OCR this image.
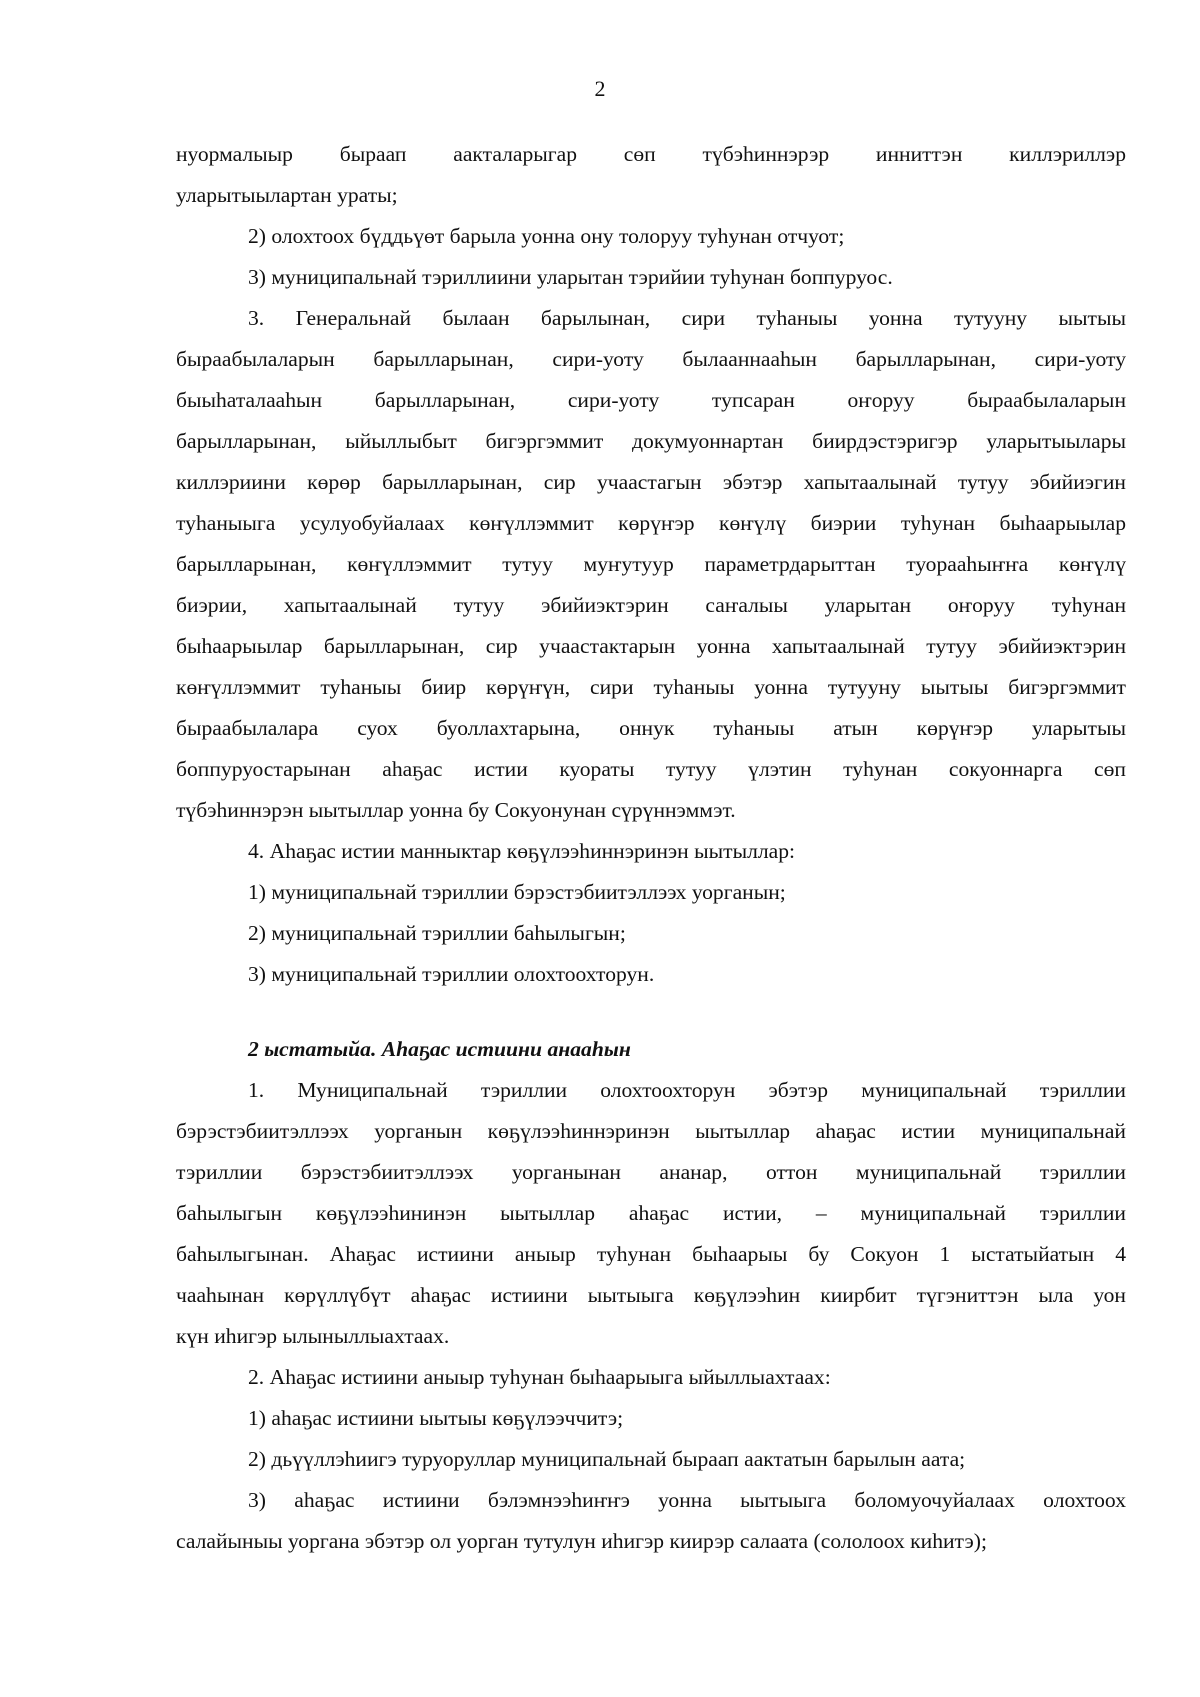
2

нуормалыыр быраап аакталарыгар сөп түбэһиннэрэр инниттэн киллэриллэр

уларытыылартан ураты;

2) олохтоох бүддьүөт барыла уонна ону толоруу туһунан отчуот;

3) муниципальнай тэриллиини уларытан тэрийии туһунан боппуруос.

3. Генеральнай былаан барылынан, сири туһаныы уонна тутууну ыытыы

быраабылаларын барылларынан, сири-уоту былааннааһын барылларынан, сири-уоту

быыһаталааһын барылларынан, сири-уоту тупсаран оҥоруу быраабылаларын

барылларынан, ыйыллыбыт бигэргэммит докумуоннартан биирдэстэригэр уларытыылары

киллэриини көрөр барылларынан, сир учаастагын эбэтэр хапытаалынай тутуу эбийиэгин

туһаныыга усулуобуйалаах көҥүллэммит көрүҥэр көҥүлү биэрии туһунан быһаарыылар

барылларынан, көҥүллэммит тутуу муҥутуур параметрдарыттан туорааһыҥҥа көҥүлү

биэрии, хапытаалынай тутуу эбийиэктэрин саҥалыы уларытан оҥоруу туһунан

быһаарыылар барылларынан, сир учаастактарын уонна хапытаалынай тутуу эбийиэктэрин

көҥүллэммит туһаныы биир көрүҥүн, сири туһаныы уонна тутууну ыытыы бигэргэммит

быраабылалара суох буоллахтарына, оннук туһаныы атын көрүҥэр уларытыы

боппуруостарынан аһаҕас истии куораты тутуу үлэтин туһунан сокуоннарга сөп

түбэһиннэрэн ыытыллар уонна бу Сокуонунан сүрүннэммэт.

4. Аһаҕас истии манныктар көҕүлээһиннэринэн ыытыллар:

1) муниципальнай тэриллии бэрэстэбиитэллээх уорганын;

2) муниципальнай тэриллии баһылыгын;

3) муниципальнай тэриллии олохтоохторун.

2 ыстатыйа. Аһаҕас истиини анааһын

1. Муниципальнай тэриллии олохтоохторун эбэтэр муниципальнай тэриллии

бэрэстэбиитэллээх уорганын көҕүлээһиннэринэн ыытыллар аһаҕас истии муниципальнай

тэриллии бэрэстэбиитэллээх уорганынан ананар, оттон муниципальнай тэриллии

баһылыгын көҕүлээһининэн ыытыллар аһаҕас истии, – муниципальнай тэриллии

баһылыгынан. Аһаҕас истиини аныыр туһунан быһаарыы бу Сокуон 1 ыстатыйатын 4

чааһынан көрүллүбүт аһаҕас истиини ыытыыга көҕүлээһин киирбит түгэниттэн ыла уон

күн иһигэр ылыныллыахтаах.

2. Аһаҕас истиини аныыр туһунан быһаарыыга ыйыллыахтаах:

1) аһаҕас истиини ыытыы көҕүлээччитэ;

2) дьүүллэһиигэ туруоруллар муниципальнай быраап аактатын барылын аата;

3) аһаҕас истиини бэлэмнээһиҥҥэ уонна ыытыыга боломуочуйалаах олохтоох

салайыныы уоргана эбэтэр ол уорган тутулун иһигэр киирэр салаата (сололоох киһитэ);
